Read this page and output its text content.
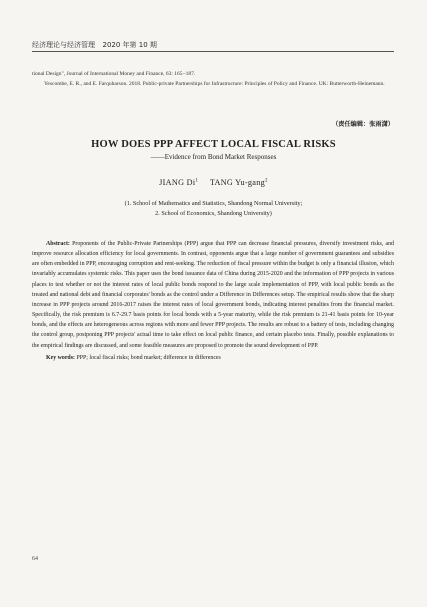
经济理论与经济管理 2020 年第 10 期

tional Design", Journal of International Money and Finance, 63: 165−187.

Yescombe, E. R., and E. Farquharson. 2018. Public-private Partnerships for Infrastructure: Principles of Policy and Finance. UK: Butterworth-Heinemann.

（责任编辑：张雨潇）
HOW DOES PPP AFFECT LOCAL FISCAL RISKS
——Evidence from Bond Market Responses
JIANG Di$^1$ TANG Yu-gang$^2$
(1. School of Mathematics and Statistics, Shandong Normal University;
2. School of Economics, Shandong University)

Abstract: Proponents of the Public-Private Partnerships (PPP) argue that PPP can decrease financial pressures, diversify investment risks, and improve resource allocation efficiency for local governments. In contrast, opponents argue that a large number of government guarantees and subsidies are often embedded in PPP, encouraging corruption and rent-seeking. The reduction of fiscal pressure within the budget is only a financial illusion, which invariably accumulates systemic risks. This paper uses the bond issuance data of China during 2015-2020 and the information of PPP projects in various places to test whether or not the interest rates of local public bonds respond to the large scale implementation of PPP, with local public bonds as the treated and national debt and financial corporates' bonds as the control under a Difference in Differences setup. The empirical results show that the sharp increase in PPP projects around 2016-2017 raises the interest rates of local government bonds, indicating interest penalties from the financial market. Specifically, the risk premium is 6.7-29.7 basis points for local bonds with a 5-year maturity, while the risk premium is 21-41 basis points for 10-year bonds, and the effects are heterogeneous across regions with more and fewer PPP projects. The results are robust to a battery of tests, including changing the control group, postponing PPP projects' actual time to take effect on local public finance, and certain placebo tests. Finally, possible explanations to the empirical findings are discussed, and some feasible measures are proposed to promote the sound development of PPP.

Key words: PPP; local fiscal risks; bond market; difference in differences

64
